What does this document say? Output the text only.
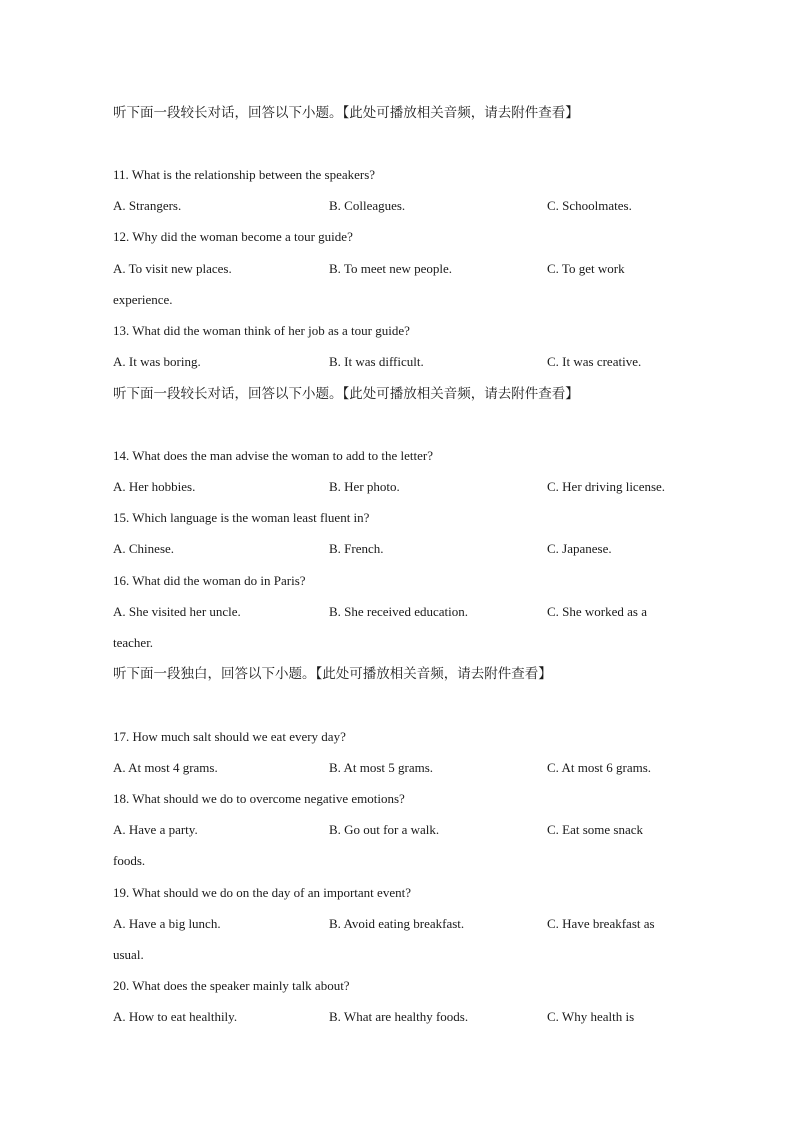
听下面一段较长对话，回答以下小题。【此处可播放相关音频，请去附件查看】
11. What is the relationship between the speakers?
A. Strangers.	B. Colleagues.	C. Schoolmates.
12. Why did the woman become a tour guide?
A. To visit new places.	B. To meet new people.	C. To get work
experience.
13. What did the woman think of her job as a tour guide?
A. It was boring.	B. It was difficult.	C. It was creative.
听下面一段较长对话，回答以下小题。【此处可播放相关音频，请去附件查看】
14. What does the man advise the woman to add to the letter?
A. Her hobbies.	B. Her photo.	C. Her driving license.
15. Which language is the woman least fluent in?
A. Chinese.	B. French.	C. Japanese.
16. What did the woman do in Paris?
A. She visited her uncle.	B. She received education.	C. She worked as a
teacher.
听下面一段独白，回答以下小题。【此处可播放相关音频，请去附件查看】
17. How much salt should we eat every day?
A. At most 4 grams.	B. At most 5 grams.	C. At most 6 grams.
18. What should we do to overcome negative emotions?
A. Have a party.	B. Go out for a walk.	C. Eat some snack
foods.
19. What should we do on the day of an important event?
A. Have a big lunch.	B. Avoid eating breakfast.	C. Have breakfast as
usual.
20. What does the speaker mainly talk about?
A. How to eat healthily.	B. What are healthy foods.	C. Why health is
